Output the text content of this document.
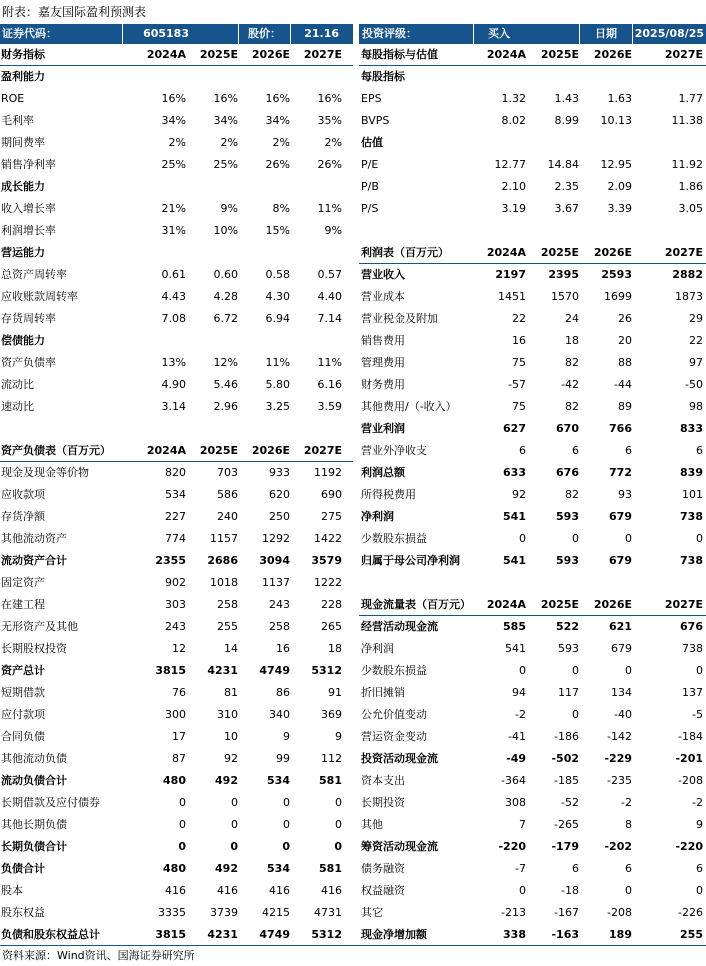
附表：嘉友国际盈利预测表
证券代码：	605183	股价：	21.16 投资评级：	买入	日期 2025/08/25
财务指标	2024A	2025E	2026E	2027E
盈利能力
ROE	16%	16%	16%	16%
毛利率	34%	34%	34%	35%
期间费率	2%	2%	2%	2%
销售净利率	25%	25%	26%	26%
成长能力
收入增长率	21%	9%	8%	11%
利润增长率	31%	10%	15%	9%
营运能力
总资产周转率	0.61	0.60	0.58	0.57
应收账款周转率	4.43	4.28	4.30	4.40
存货周转率	7.08	6.72	6.94	7.14
偿债能力
资产负债率	13%	12%	11%	11%
流动比	4.90	5.46	5.80	6.16
速动比	3.14	2.96	3.25	3.59
资产负债表（百万元）	2024A	2025E	2026E	2027E
现金及现金等价物	820	703	933	1192
应收款项	534	586	620	690
存货净额	227	240	250	275
其他流动资产	774	1157	1292	1422
流动资产合计	2355	2686	3094	3579
固定资产	902	1018	1137	1222
在建工程	303	258	243	228
无形资产及其他	243	255	258	265
长期股权投资	12	14	16	18
资产总计	3815	4231	4749	5312
短期借款	76	81	86	91
应付款项	300	310	340	369
合同负债	17	10	9	9
其他流动负债	87	92	99	112
流动负债合计	480	492	534	581
长期借款及应付债券	0	0	0	0
其他长期负债	0	0	0	0
长期负债合计	0	0	0	0
负债合计	480	492	534	581
股本	416	416	416	416
股东权益	3335	3739	4215	4731
负债和股东权益总计	3815	4231	4749	5312
每股指标与估值	2024A	2025E	2026E	2027E
每股指标
EPS	1.32	1.43	1.63	1.77
BVPS	8.02	8.99	10.13	11.38
估值
P/E	12.77	14.84	12.95	11.92
P/B	2.10	2.35	2.09	1.86
P/S	3.19	3.67	3.39	3.05
利润表（百万元）	2024A	2025E	2026E	2027E
营业收入	2197	2395	2593	2882
营业成本	1451	1570	1699	1873
营业税金及附加	22	24	26	29
销售费用	16	18	20	22
管理费用	75	82	88	97
财务费用	-57	-42	-44	-50
其他费用/（-收入）	75	82	89	98
营业利润	627	670	766	833
营业外净收支	6	6	6	6
利润总额	633	676	772	839
所得税费用	92	82	93	101
净利润	541	593	679	738
少数股东损益	0	0	0	0
归属于母公司净利润	541	593	679	738
现金流量表（百万元）	2024A	2025E	2026E	2027E
经营活动现金流	585	522	621	676
净利润	541	593	679	738
少数股东损益	0	0	0	0
折旧摊销	94	117	134	137
公允价值变动	-2	0	-40	-5
营运资金变动	-41	-186	-142	-184
投资活动现金流	-49	-502	-229	-201
资本支出	-364	-185	-235	-208
长期投资	308	-52	-2	-2
其他	7	-265	8	9
筹资活动现金流	-220	-179	-202	-220
债务融资	-7	6	6	6
权益融资	0	-18	0	0
其它	-213	-167	-208	-226
现金净增加额	338	-163	189	255
资料来源：Wind资讯、国海证券研究所
